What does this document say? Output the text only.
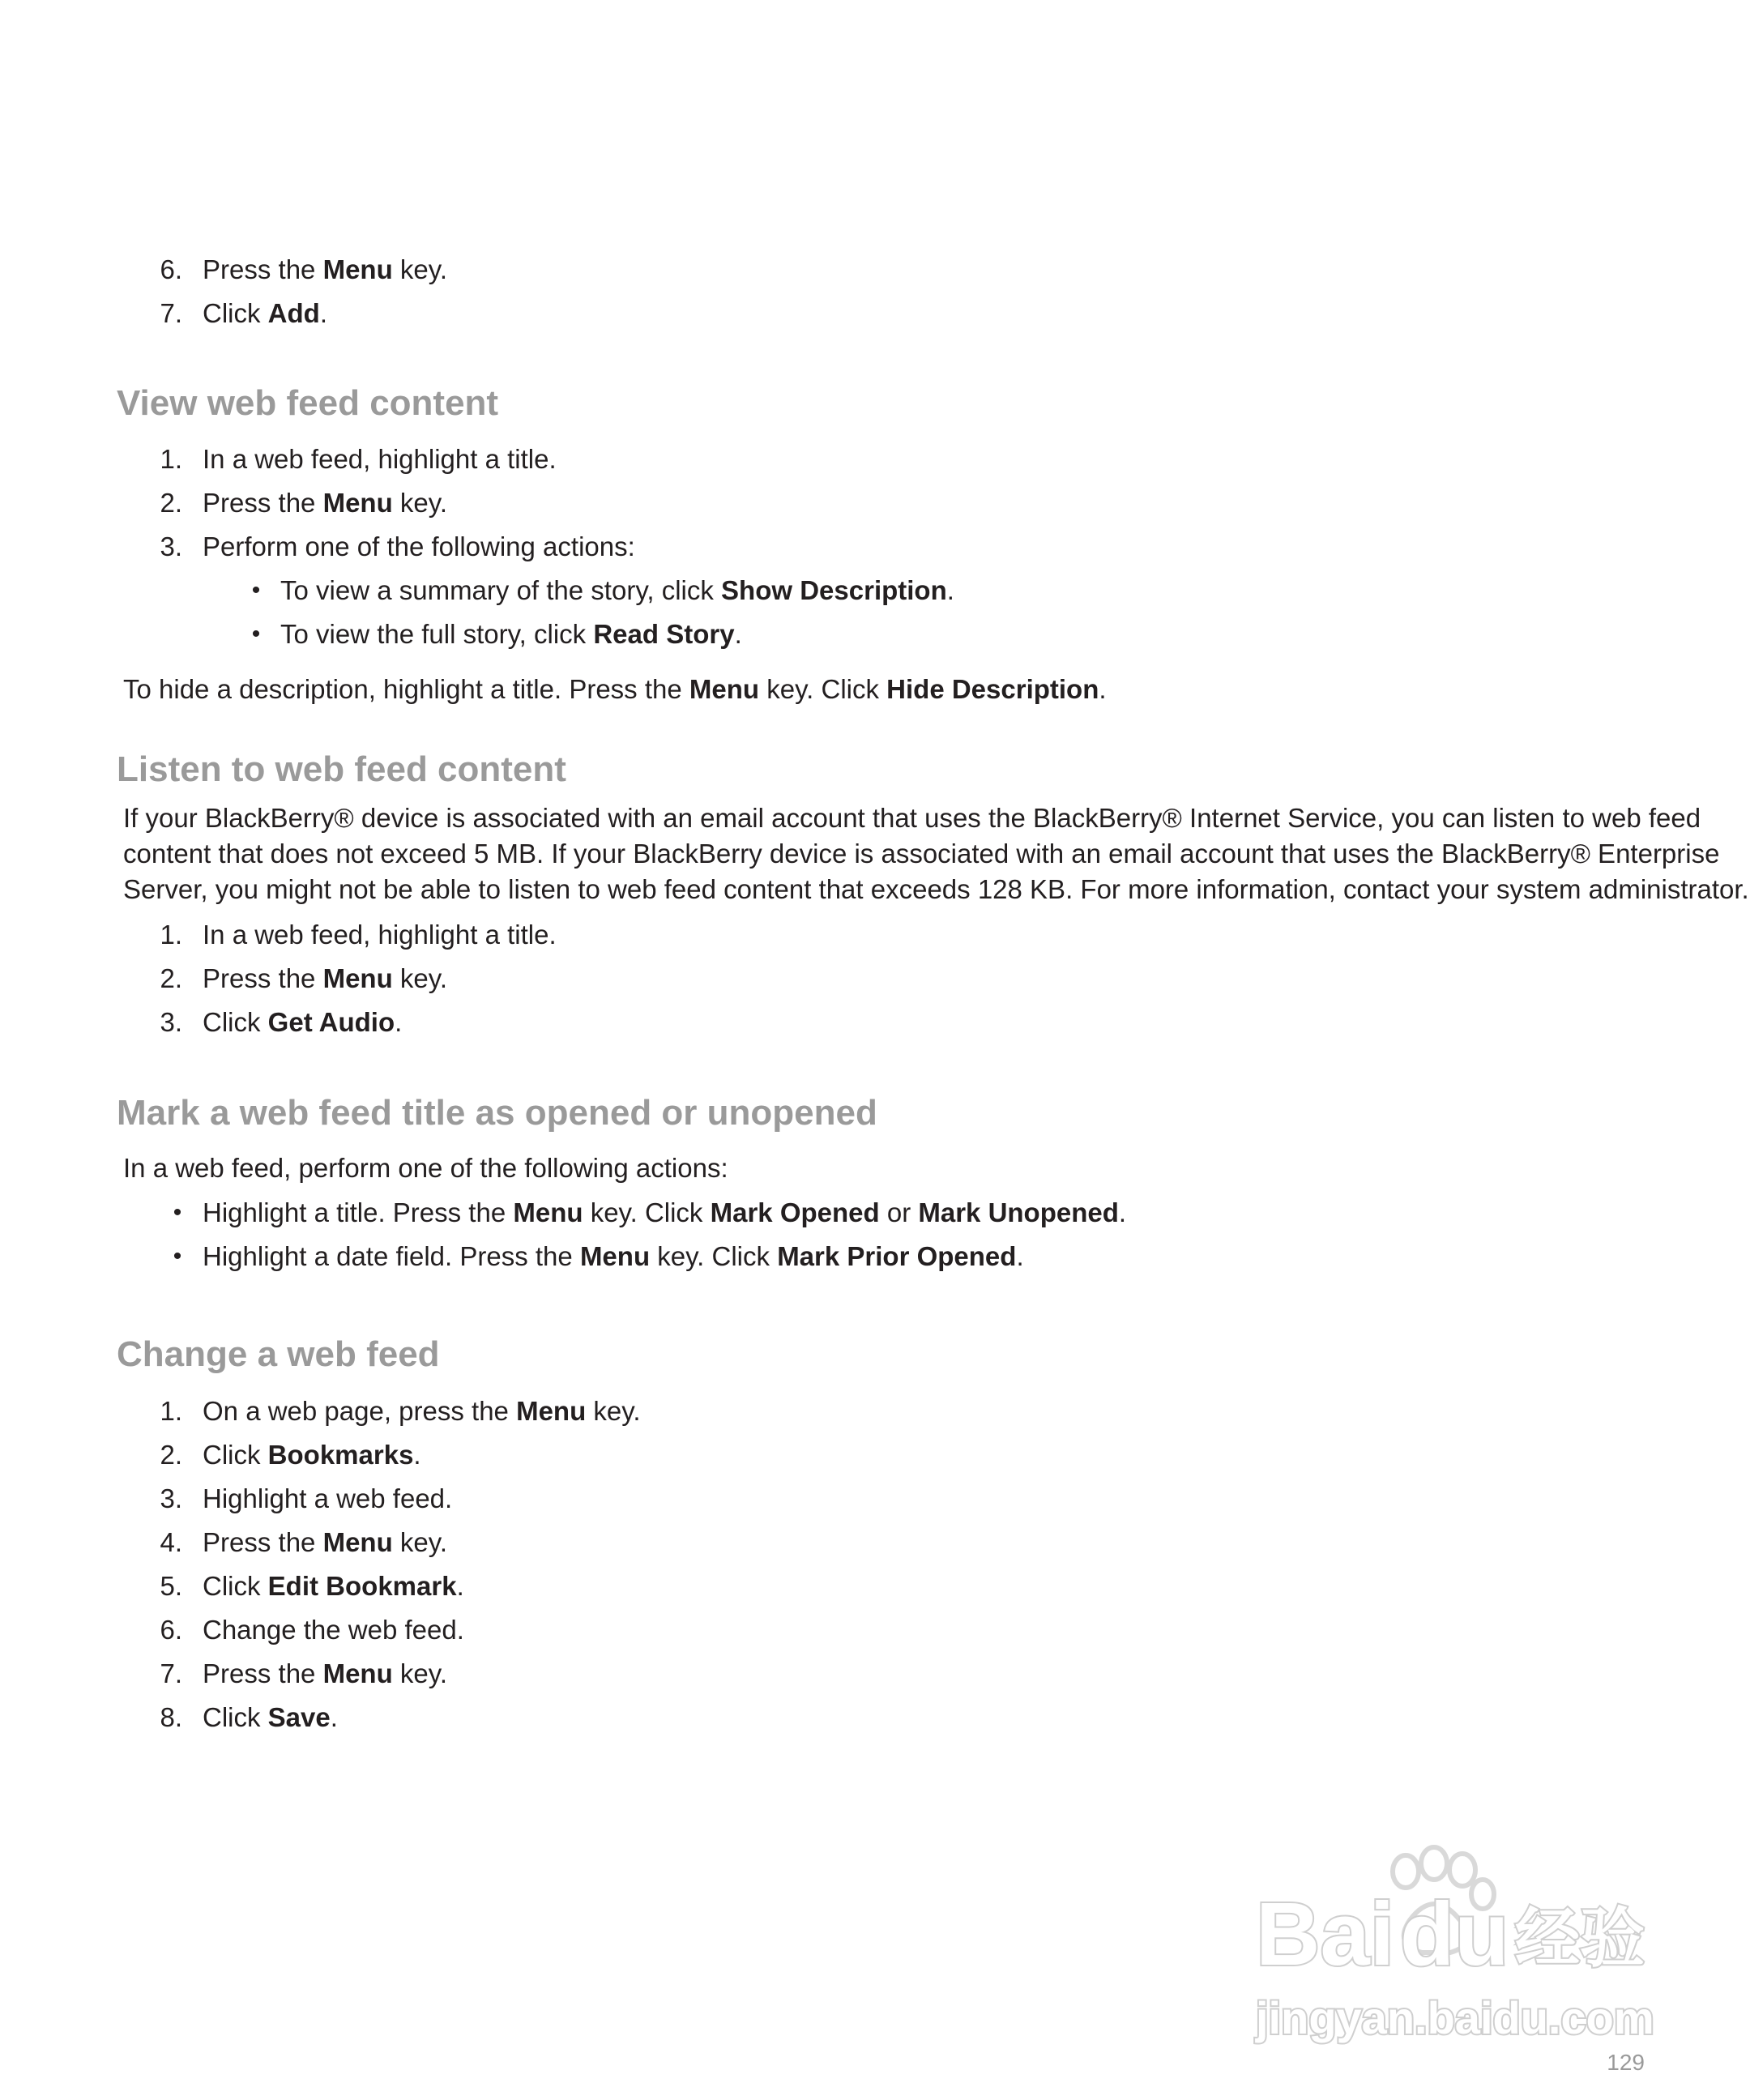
6. Press the Menu key.
7. Click Add.
View web feed content
1. In a web feed, highlight a title.
2. Press the Menu key.
3. Perform one of the following actions:
• To view a summary of the story, click Show Description.
• To view the full story, click Read Story.
To hide a description, highlight a title. Press the Menu key. Click Hide Description.
Listen to web feed content
If your BlackBerry® device is associated with an email account that uses the BlackBerry® Internet Service, you can listen to web feed
content that does not exceed 5 MB. If your BlackBerry device is associated with an email account that uses the BlackBerry® Enterprise
Server, you might not be able to listen to web feed content that exceeds 128 KB. For more information, contact your system administrator.
1. In a web feed, highlight a title.
2. Press the Menu key.
3. Click Get Audio.
Mark a web feed title as opened or unopened
In a web feed, perform one of the following actions:
• Highlight a title. Press the Menu key. Click Mark Opened or Mark Unopened.
• Highlight a date field. Press the Menu key. Click Mark Prior Opened.
Change a web feed
1. On a web page, press the Menu key.
2. Click Bookmarks.
3. Highlight a web feed.
4. Press the Menu key.
5. Click Edit Bookmark.
6. Change the web feed.
7. Press the Menu key.
8. Click Save.
Bai du 经验
jingyan.baidu.com
129
